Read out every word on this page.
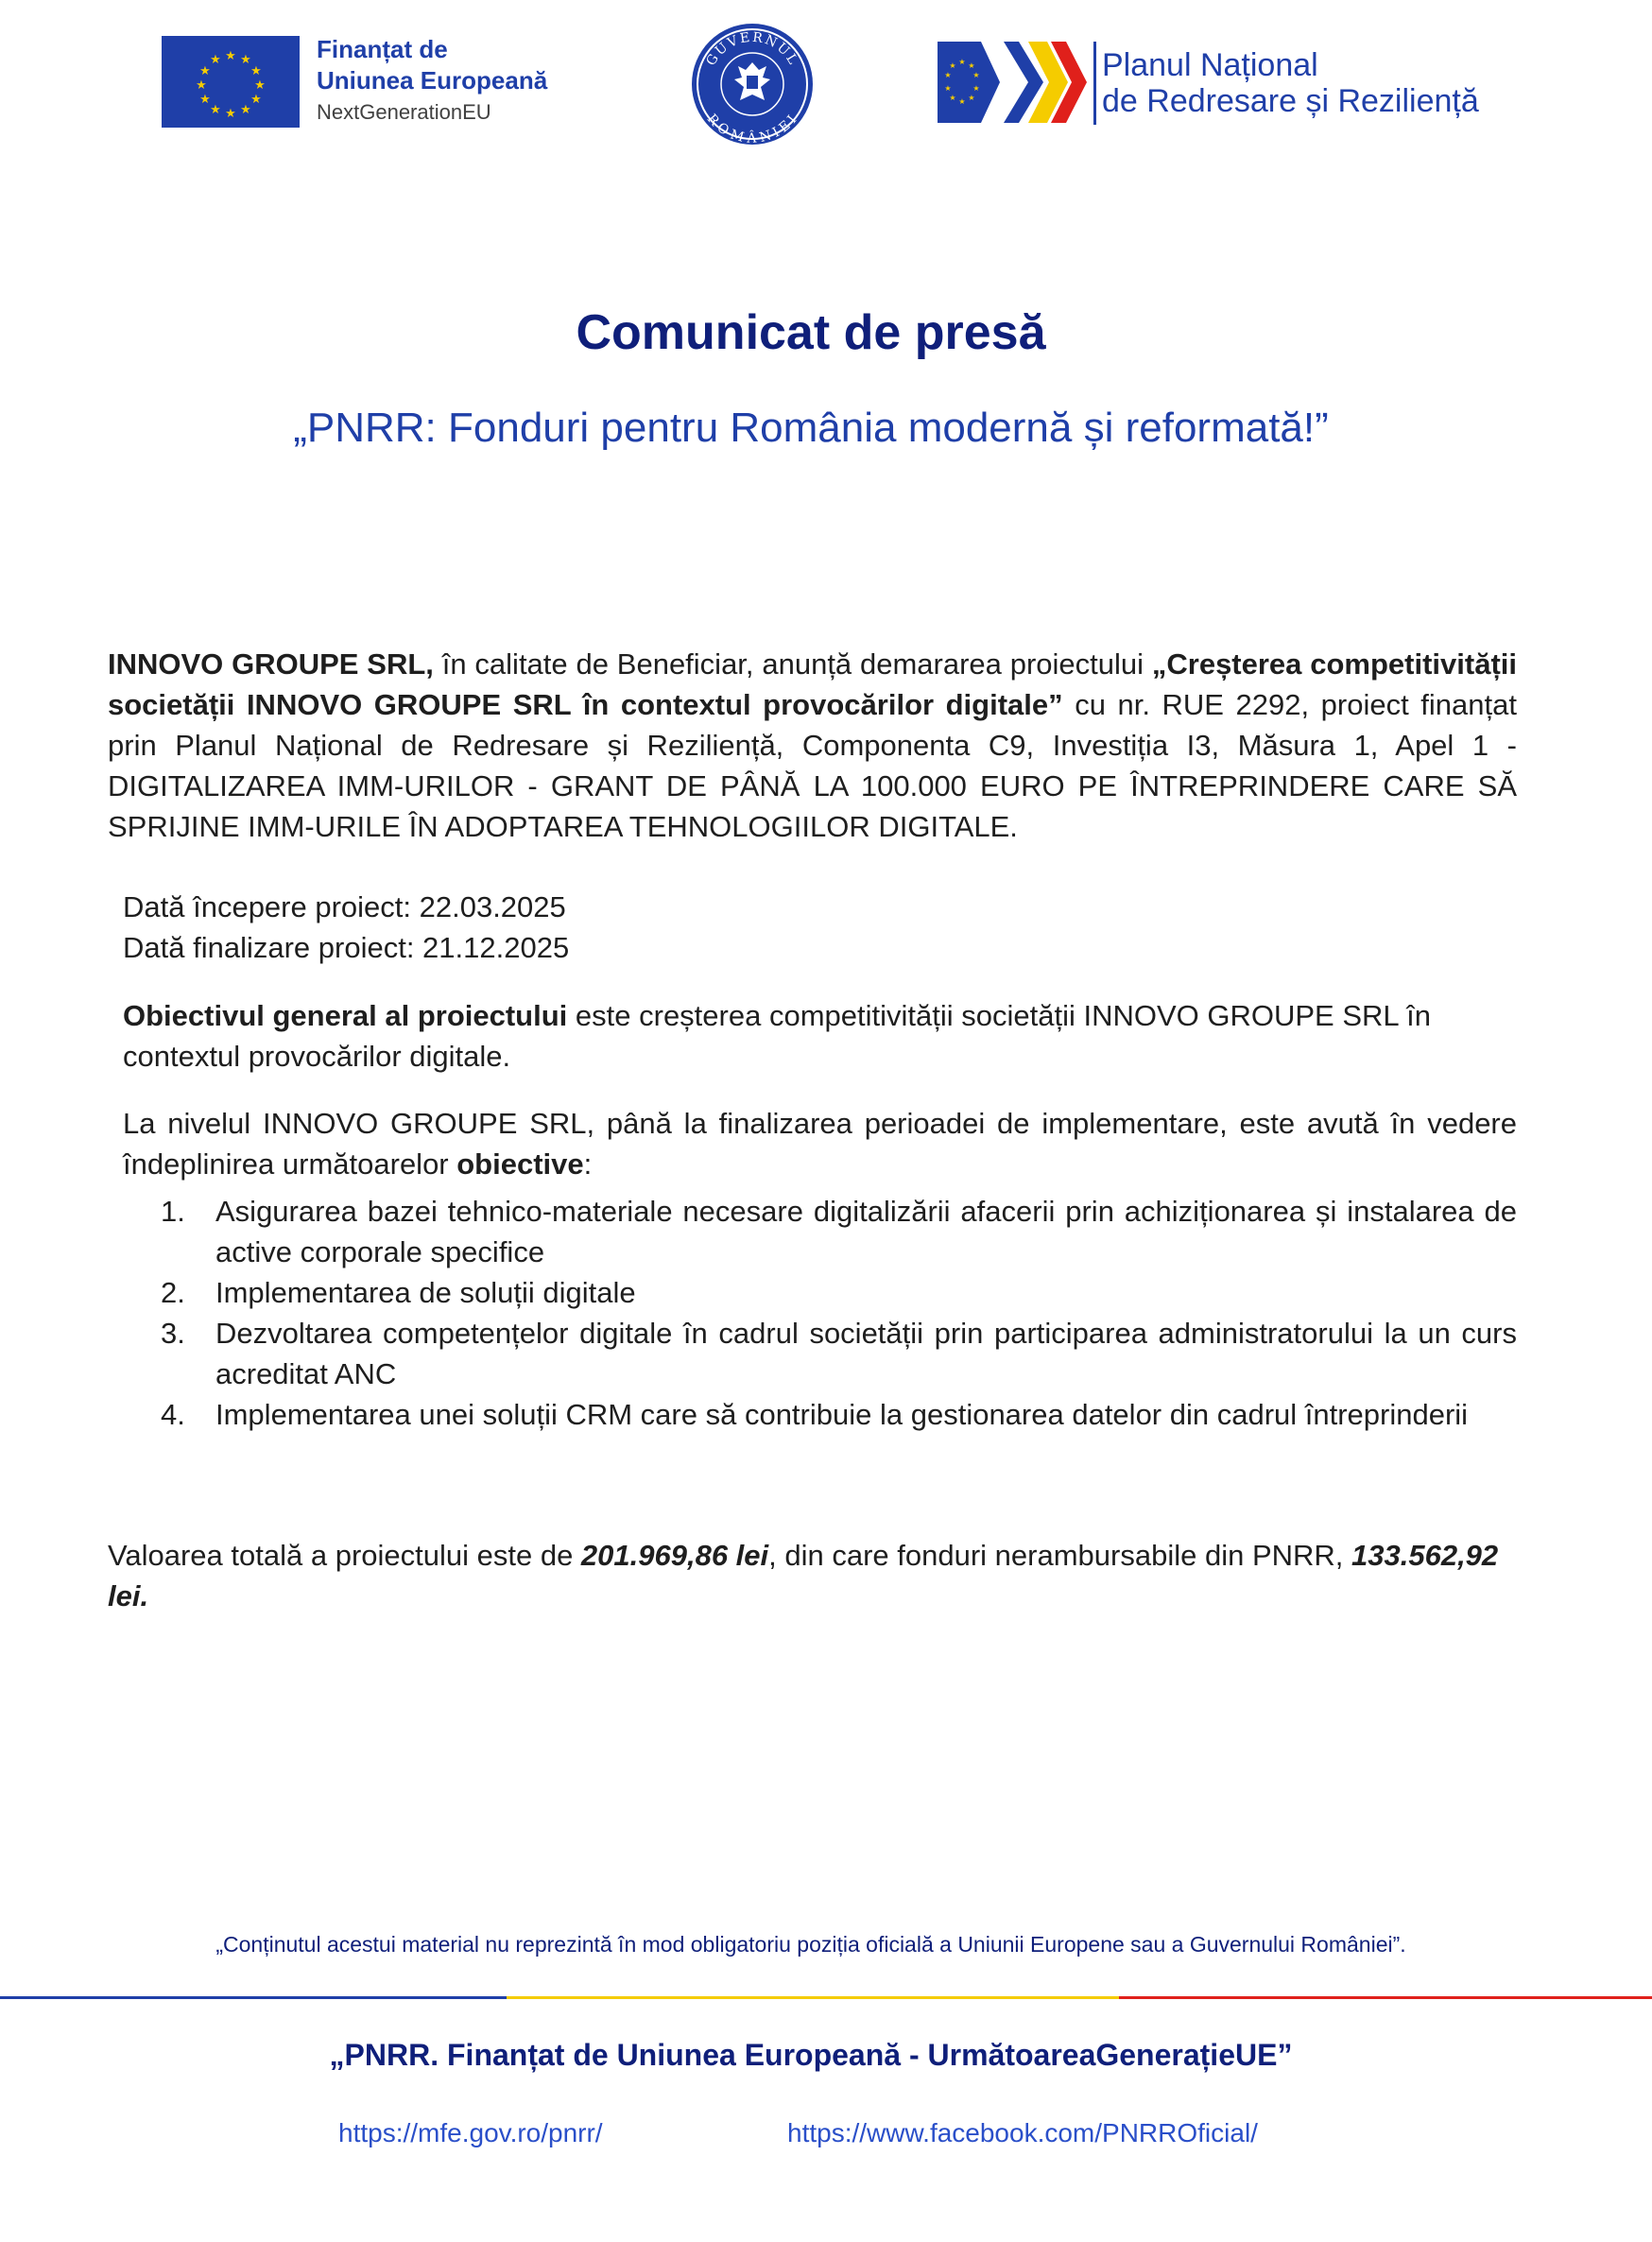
★ ★
★
★
★
★
★
★
★
★
★
★	Finanțat de
Uniunea Europeană
NextGenerationEU
GUVERNUL
ROMÂNIEI
★ ★
★
★
★
★
★
★
★
★	Planul Național
de Redresare și Reziliență
Comunicat de presă
„PNRR: Fonduri pentru România modernă și reformată!”
INNOVO GROUPE SRL, în calitate de Beneficiar, anunță demararea proiectului „Creșterea competitivității societății INNOVO GROUPE SRL în contextul provocărilor digitale” cu nr. RUE 2292, proiect finanțat prin Planul Național de Redresare și Reziliență, Componenta C9, Investiția I3, Măsura 1, Apel 1 - DIGITALIZAREA IMM-URILOR - GRANT DE PÂNĂ LA 100.000 EURO PE ÎNTREPRINDERE CARE SĂ SPRIJINE IMM-URILE ÎN ADOPTAREA TEHNOLOGIILOR DIGITALE.
Dată începere proiect: 22.03.2025
Dată finalizare proiect: 21.12.2025
Obiectivul general al proiectului este creșterea competitivității societății INNOVO GROUPE SRL în contextul provocărilor digitale.
La nivelul INNOVO GROUPE SRL, până la finalizarea perioadei de implementare, este avută în vedere îndeplinirea următoarelor obiective:
1. Asigurarea bazei tehnico-materiale necesare digitalizării afacerii prin achiziționarea și instalarea de active corporale specifice
2. Implementarea de soluții digitale
3. Dezvoltarea competențelor digitale în cadrul societății prin participarea administratorului la un curs acreditat ANC
4. Implementarea unei soluții CRM care să contribuie la gestionarea datelor din cadrul întreprinderii
Valoarea totală a proiectului este de 201.969,86 lei, din care fonduri nerambursabile din PNRR, 133.562,92 lei.
„Conținutul acestui material nu reprezintă în mod obligatoriu poziția oficială a Uniunii Europene sau a Guvernului României”.
„PNRR. Finanțat de Uniunea Europeană - UrmătoareaGenerațieUE”
https://mfe.gov.ro/pnrr/	https://www.facebook.com/PNRROficial/
